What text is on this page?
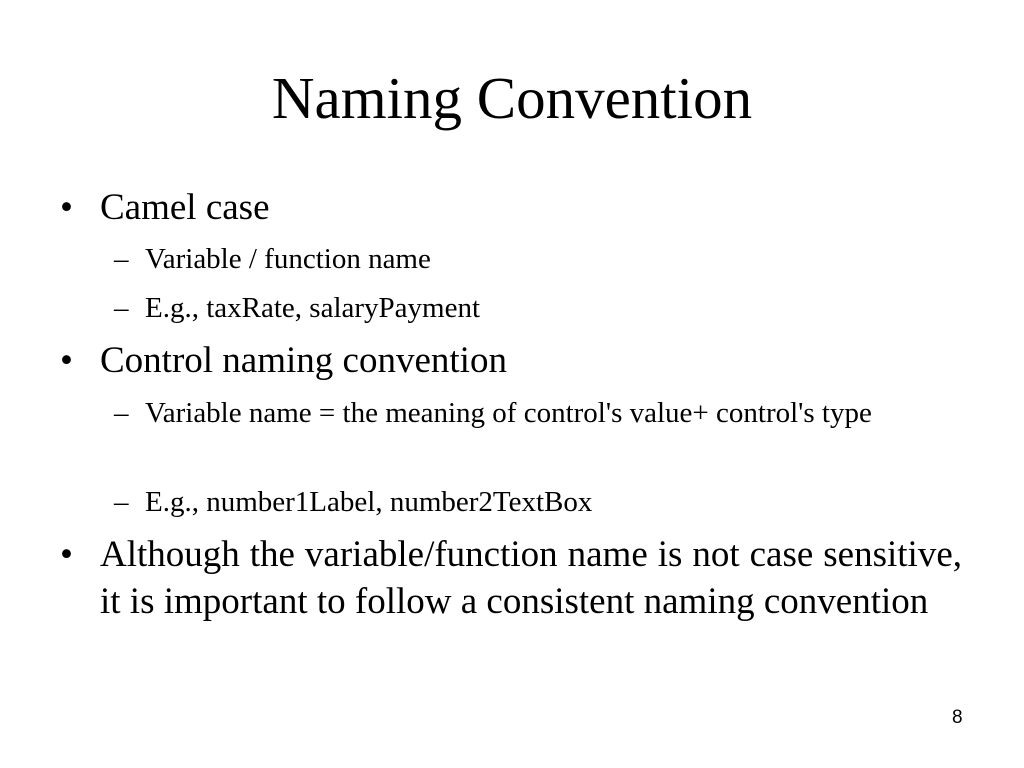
Naming Convention
• Camel case
– Variable / function name
– E.g., taxRate, salaryPayment
• Control naming convention
– Variable name = the meaning of control's value+ control's type
– E.g., number1Label, number2TextBox
• Although the variable/function name is not case sensitive, it is important to follow a consistent naming convention
8
